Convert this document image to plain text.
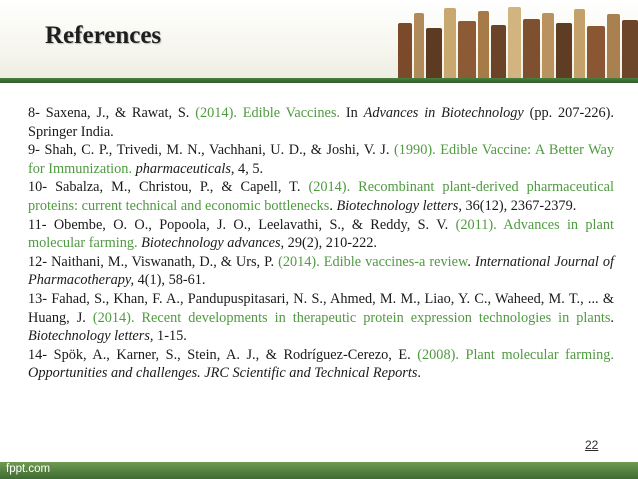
References

8- Saxena, J., & Rawat, S. (2014). Edible Vaccines. In Advances in Biotechnology (pp. 207-226). Springer India.

9- Shah, C. P., Trivedi, M. N., Vachhani, U. D., & Joshi, V. J. (1990). Edible Vaccine: A Better Way for Immunization. pharmaceuticals, 4, 5.

10- Sabalza, M., Christou, P., & Capell, T. (2014). Recombinant plant-derived pharmaceutical proteins: current technical and economic bottlenecks. Biotechnology letters, 36(12), 2367-2379.

11- Obembe, O. O., Popoola, J. O., Leelavathi, S., & Reddy, S. V. (2011). Advances in plant molecular farming. Biotechnology advances, 29(2), 210-222.

12- Naithani, M., Viswanath, D., & Urs, P. (2014). Edible vaccines-a review. International Journal of Pharmacotherapy, 4(1), 58-61.

13- Fahad, S., Khan, F. A., Pandupuspitasari, N. S., Ahmed, M. M., Liao, Y. C., Waheed, M. T., ... & Huang, J. (2014). Recent developments in therapeutic protein expression technologies in plants. Biotechnology letters, 1-15.

14- Spök, A., Karner, S., Stein, A. J., & Rodríguez-Cerezo, E. (2008). Plant molecular farming. Opportunities and challenges. JRC Scientific and Technical Reports.

22
fppt.com
